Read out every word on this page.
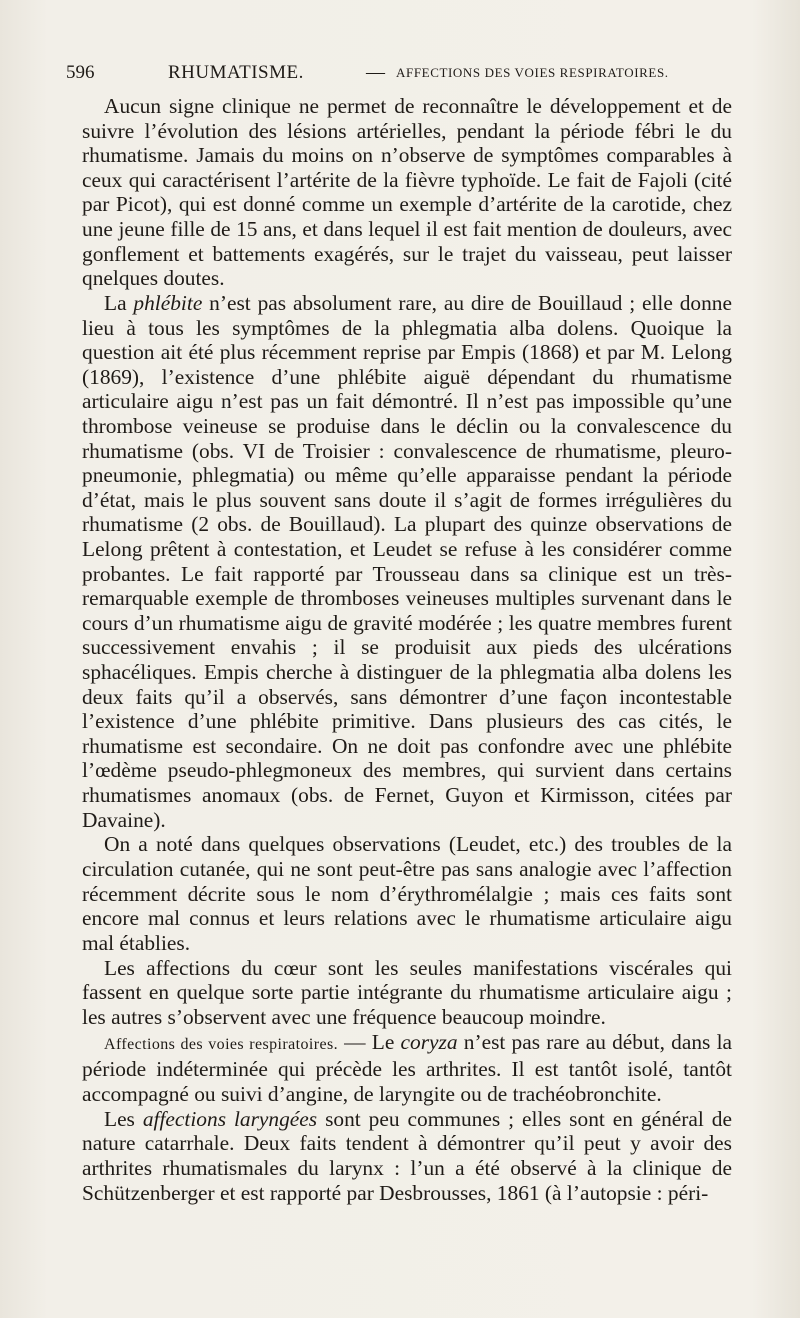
596	RHUMATISME.	— AFFECTIONS DES VOIES RESPIRATOIRES.

Aucun signe clinique ne permet de reconnaître le développement et de suivre l’évolution des lésions artérielles, pendant la période fébri le du rhumatisme. Jamais du moins on n’observe de symptômes comparables à ceux qui caractérisent l’artérite de la fièvre typhoïde. Le fait de Fajoli (cité par Picot), qui est donné comme un exemple d’artérite de la carotide, chez une jeune fille de 15 ans, et dans lequel il est fait mention de douleurs, avec gonflement et battements exagérés, sur le trajet du vaisseau, peut laisser qnelques doutes.

La phlébite n’est pas absolument rare, au dire de Bouillaud ; elle donne lieu à tous les symptômes de la phlegmatia alba dolens. Quoique la question ait été plus récemment reprise par Empis (1868) et par M. Lelong (1869), l’existence d’une phlébite aiguë dépendant du rhumatisme articulaire aigu n’est pas un fait démontré. Il n’est pas impossible qu’une thrombose veineuse se produise dans le déclin ou la convalescence du rhumatisme (obs. VI de Troisier : convalescence de rhumatisme, pleuro-pneumonie, phlegmatia) ou même qu’elle apparaisse pendant la période d’état, mais le plus souvent sans doute il s’agit de formes irrégulières du rhumatisme (2 obs. de Bouillaud). La plupart des quinze observations de Lelong prêtent à contestation, et Leudet se refuse à les considérer comme probantes. Le fait rapporté par Trousseau dans sa clinique est un très-remarquable exemple de thromboses veineuses multiples survenant dans le cours d’un rhumatisme aigu de gravité modérée ; les quatre membres furent successivement envahis ; il se produisit aux pieds des ulcérations sphacéliques. Empis cherche à distinguer de la phlegmatia alba dolens les deux faits qu’il a observés, sans démontrer d’une façon incontestable l’existence d’une phlébite primitive. Dans plusieurs des cas cités, le rhumatisme est secondaire. On ne doit pas confondre avec une phlébite l’œdème pseudo-phlegmoneux des membres, qui survient dans certains rhumatismes anomaux (obs. de Fernet, Guyon et Kirmisson, citées par Davaine).

On a noté dans quelques observations (Leudet, etc.) des troubles de la circulation cutanée, qui ne sont peut-être pas sans analogie avec l’affection récemment décrite sous le nom d’érythromélalgie ; mais ces faits sont encore mal connus et leurs relations avec le rhumatisme articulaire aigu mal établies.

Les affections du cœur sont les seules manifestations viscérales qui fassent en quelque sorte partie intégrante du rhumatisme articulaire aigu ; les autres s’observent avec une fréquence beaucoup moindre.

Affections des voies respiratoires. — Le coryza n’est pas rare au début, dans la période indéterminée qui précède les arthrites. Il est tantôt isolé, tantôt accompagné ou suivi d’angine, de laryngite ou de trachéobronchite.

Les affections laryngées sont peu communes ; elles sont en général de nature catarrhale. Deux faits tendent à démontrer qu’il peut y avoir des arthrites rhumatismales du larynx : l’un a été observé à la clinique de Schützenberger et est rapporté par Desbrousses, 1861 (à l’autopsie : péri-
